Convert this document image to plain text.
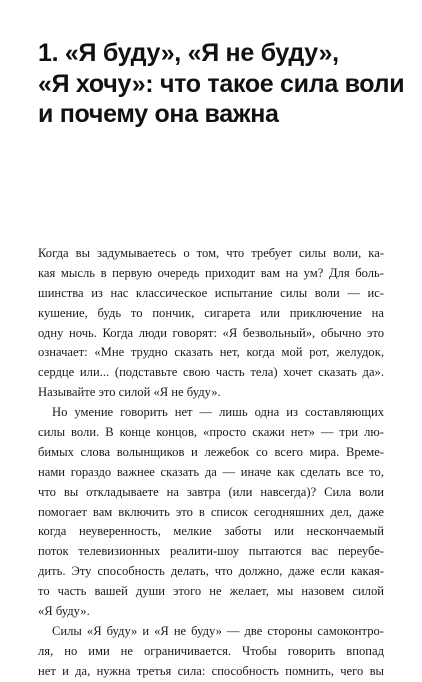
1. «Я буду», «Я не буду»,
«Я хочу»: что такое сила воли
и почему она важна
Когда вы задумываетесь о том, что требует силы воли, ка-
кая мысль в первую очередь приходит вам на ум? Для боль-
шинства из нас классическое испытание силы воли — ис-
кушение, будь то пончик, сигарета или приключение на
одну ночь. Когда люди говорят: «Я безвольный», обычно это
означает: «Мне трудно сказать нет, когда мой рот, желудок,
сердце или... (подставьте свою часть тела) хочет сказать да».
Называйте это силой «Я не буду».
Но умение говорить нет — лишь одна из составляющих
силы воли. В конце концов, «просто скажи нет» — три лю-
бимых слова волынщиков и лежебок со всего мира. Време-
нами гораздо важнее сказать да — иначе как сделать все то,
что вы откладываете на завтра (или навсегда)? Сила воли
помогает вам включить это в список сегодняшних дел, даже
когда неуверенность, мелкие заботы или нескончаемый
поток телевизионных реалити-шоу пытаются вас переубе-
дить. Эту способность делать, что должно, даже если какая-
то часть вашей души этого не желает, мы назовем силой
«Я буду».
Силы «Я буду» и «Я не буду» — две стороны самоконтро-
ля, но ими не ограничивается. Чтобы говорить впопад
нет и да, нужна третья сила: способность помнить, чего вы
